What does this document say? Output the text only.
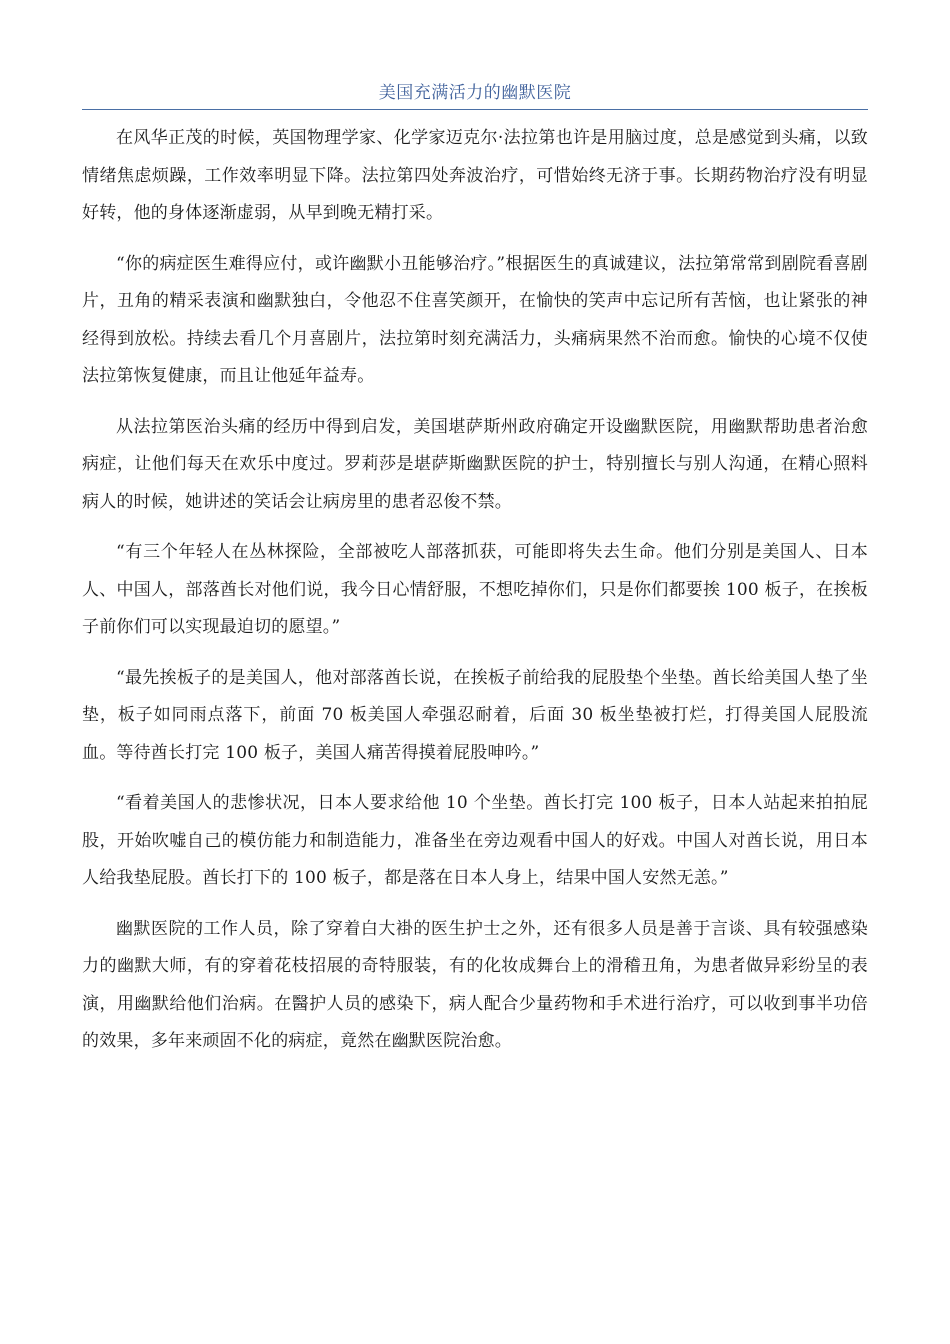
美国充满活力的幽默医院

在风华正茂的时候，英国物理学家、化学家迈克尔·法拉第也许是用脑过度，总是感觉到头痛，以致情绪焦虑烦躁，工作效率明显下降。法拉第四处奔波治疗，可惜始终无济于事。长期药物治疗没有明显好转，他的身体逐渐虚弱，从早到晚无精打采。

“你的病症医生难得应付，或许幽默小丑能够治疗。”根据医生的真诚建议，法拉第常常到剧院看喜剧片，丑角的精采表演和幽默独白，令他忍不住喜笑颜开，在愉快的笑声中忘记所有苦恼，也让紧张的神经得到放松。持续去看几个月喜剧片，法拉第时刻充满活力，头痛病果然不治而愈。愉快的心境不仅使法拉第恢复健康，而且让他延年益寿。

从法拉第医治头痛的经历中得到启发，美国堪萨斯州政府确定开设幽默医院，用幽默帮助患者治愈病症，让他们每天在欢乐中度过。罗莉莎是堪萨斯幽默医院的护士，特别擅长与别人沟通，在精心照料病人的时候，她讲述的笑话会让病房里的患者忍俊不禁。

“有三个年轻人在丛林探险，全部被吃人部落抓获，可能即将失去生命。他们分别是美国人、日本人、中国人，部落酋长对他们说，我今日心情舒服，不想吃掉你们，只是你们都要挨 100 板子，在挨板子前你们可以实现最迫切的愿望。”

“最先挨板子的是美国人，他对部落酋长说，在挨板子前给我的屁股垫个坐垫。酋长给美国人垫了坐垫，板子如同雨点落下，前面 70 板美国人牵强忍耐着，后面 30 板坐垫被打烂，打得美国人屁股流血。等待酋长打完 100 板子，美国人痛苦得摸着屁股呻吟。”

“看着美国人的悲惨状况，日本人要求给他 10 个坐垫。酋长打完 100 板子，日本人站起来拍拍屁股，开始吹嘘自己的模仿能力和制造能力，准备坐在旁边观看中国人的好戏。中国人对酋长说，用日本人给我垫屁股。酋长打下的 100 板子，都是落在日本人身上，结果中国人安然无恙。”

幽默医院的工作人员，除了穿着白大褂的医生护士之外，还有很多人员是善于言谈、具有较强感染力的幽默大师，有的穿着花枝招展的奇特服装，有的化妆成舞台上的滑稽丑角，为患者做异彩纷呈的表演，用幽默给他们治病。在醫护人员的感染下，病人配合少量药物和手术进行治疗，可以收到事半功倍的效果，多年来顽固不化的病症，竟然在幽默医院治愈。
